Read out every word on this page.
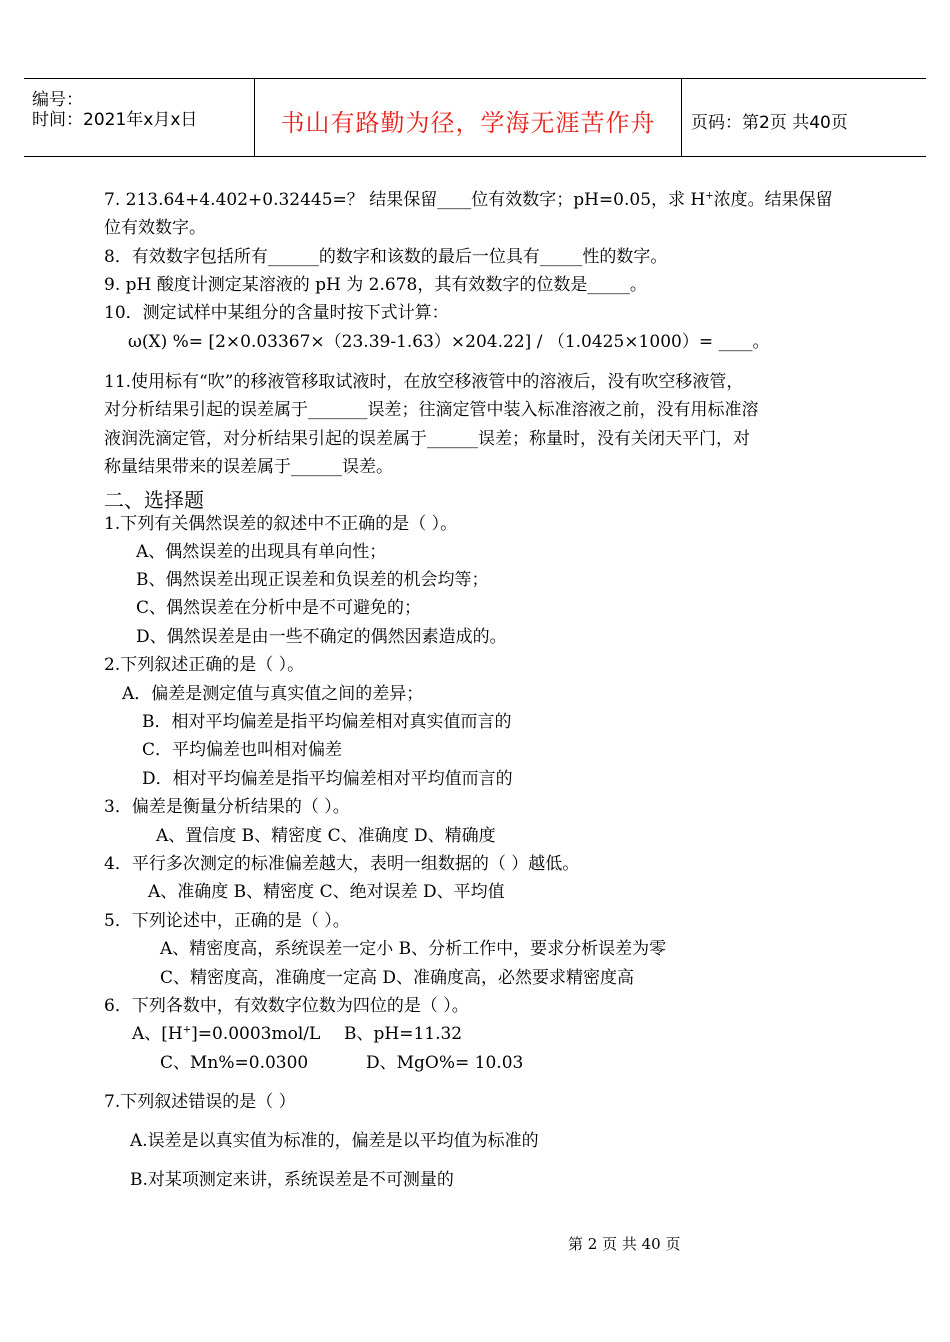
编号：
时间：2021年x月x日	书山有路勤为径，学海无涯苦作舟	页码：第2页 共40页
7. 213.64+4.402+0.32445=？ 结果保留____位有效数字；pH=0.05，求 H+浓度。结果保留
位有效数字。
8．有效数字包括所有______的数字和该数的最后一位具有_____性的数字。
9. pH 酸度计测定某溶液的 pH 为 2.678，其有效数字的位数是_____。
10．测定试样中某组分的含量时按下式计算：
ω(X) %= [2×0.03367×（23.39-1.63）×204.22] / （1.0425×1000）= ____。
11.使用标有“吹”的移液管移取试液时，在放空移液管中的溶液后，没有吹空移液管，
对分析结果引起的误差属于_______误差；往滴定管中装入标准溶液之前，没有用标准溶
液润洗滴定管，对分析结果引起的误差属于______误差；称量时，没有关闭天平门，对
称量结果带来的误差属于______误差。
二、选择题
1.下列有关偶然误差的叙述中不正确的是（ ）。
A、偶然误差的出现具有单向性；
B、偶然误差出现正误差和负误差的机会均等；
C、偶然误差在分析中是不可避免的；
D、偶然误差是由一些不确定的偶然因素造成的。
2.下列叙述正确的是（ ）。
A．偏差是测定值与真实值之间的差异；
B．相对平均偏差是指平均偏差相对真实值而言的
C．平均偏差也叫相对偏差
D．相对平均偏差是指平均偏差相对平均值而言的
3．偏差是衡量分析结果的（ ）。
A、置信度 B、精密度 C、准确度 D、精确度
4．平行多次测定的标准偏差越大，表明一组数据的（ ）越低。
A、准确度 B、精密度 C、绝对误差 D、平均值
5．下列论述中，正确的是（ ）。
A、精密度高，系统误差一定小 B、分析工作中，要求分析误差为零
C、精密度高，准确度一定高 D、准确度高，必然要求精密度高
6．下列各数中，有效数字位数为四位的是（ ）。
A、[H+]=0.0003mol/L B、pH=11.32
C、Mn%=0.0300	D、MgO%= 10.03
7.下列叙述错误的是（ ）
A.误差是以真实值为标准的，偏差是以平均值为标准的
B.对某项测定来讲，系统误差是不可测量的
第 2 页 共 40 页
